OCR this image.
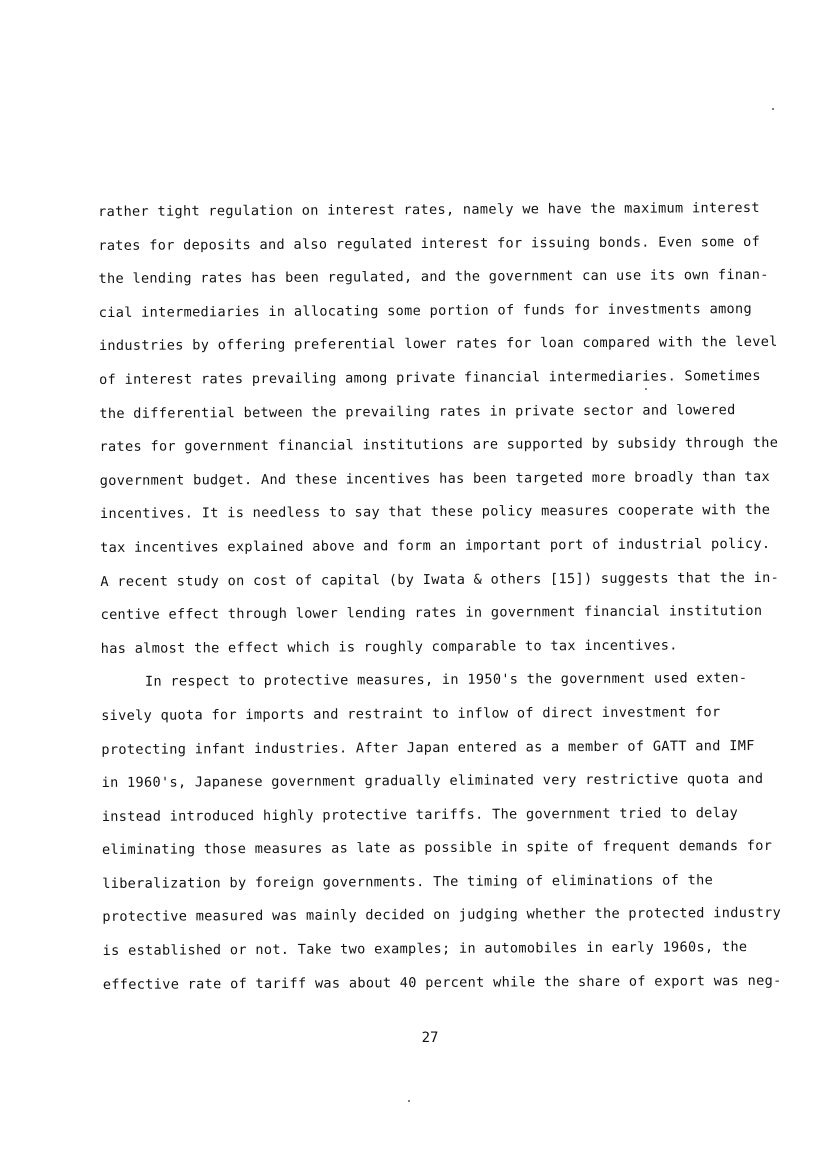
rather tight regulation on interest rates, namely we have the maximum interest
rates for deposits and also regulated interest for issuing bonds. Even some of
the lending rates has been regulated, and the government can use its own finan-
cial intermediaries in allocating some portion of funds for investments among
industries by offering preferential lower rates for loan compared with the level
of interest rates prevailing among private financial intermediaries. Sometimes
the differential between the prevailing rates in private sector and lowered
rates for government financial institutions are supported by subsidy through the
government budget. And these incentives has been targeted more broadly than tax
incentives. It is needless to say that these policy measures cooperate with the
tax incentives explained above and form an important port of industrial policy.
A recent study on cost of capital (by Iwata & others [15]) suggests that the in-
centive effect through lower lending rates in government financial institution
has almost the effect which is roughly comparable to tax incentives.
In respect to protective measures, in 1950's the government used exten-
sively quota for imports and restraint to inflow of direct investment for
protecting infant industries. After Japan entered as a member of GATT and IMF
in 1960's, Japanese government gradually eliminated very restrictive quota and
instead introduced highly protective tariffs. The government tried to delay
eliminating those measures as late as possible in spite of frequent demands for
liberalization by foreign governments. The timing of eliminations of the
protective measured was mainly decided on judging whether the protected industry
is established or not. Take two examples; in automobiles in early 1960s, the
effective rate of tariff was about 40 percent while the share of export was neg-
27
